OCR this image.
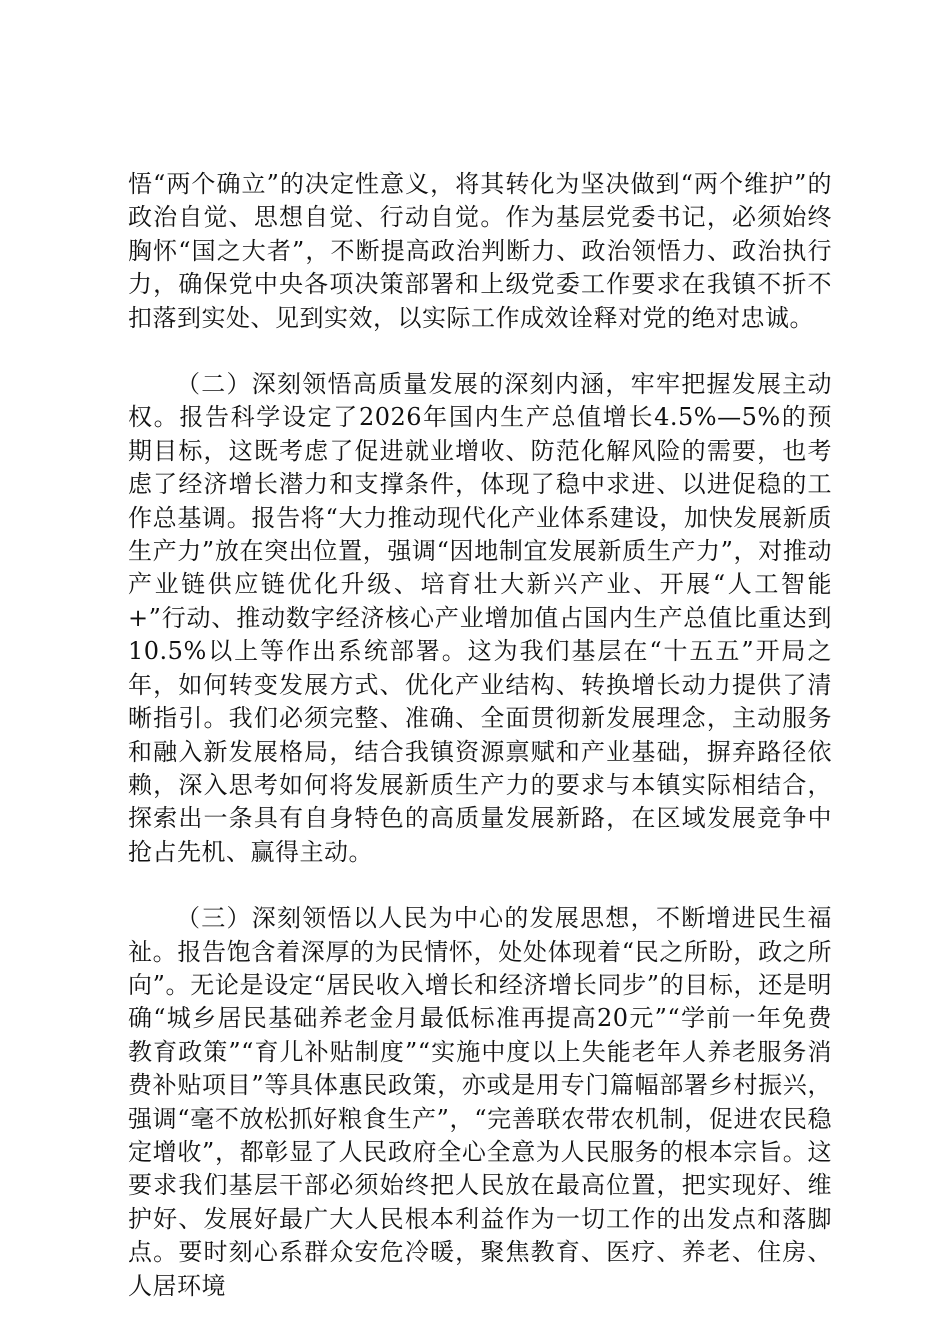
悟“两个确立”的决定性意义，将其转化为坚决做到“两个维护”的政治自觉、思想自觉、行动自觉。作为基层党委书记，必须始终胸怀“国之大者”，不断提高政治判断力、政治领悟力、政治执行力，确保党中央各项决策部署和上级党委工作要求在我镇不折不扣落到实处、见到实效，以实际工作成效诠释对党的绝对忠诚。

（二）深刻领悟高质量发展的深刻内涵，牢牢把握发展主动权。报告科学设定了2026年国内生产总值增长4.5%—5%的预期目标，这既考虑了促进就业增收、防范化解风险的需要，也考虑了经济增长潜力和支撑条件，体现了稳中求进、以进促稳的工作总基调。报告将“大力推动现代化产业体系建设，加快发展新质生产力”放在突出位置，强调“因地制宜发展新质生产力”，对推动产业链供应链优化升级、培育壮大新兴产业、开展“人工智能+”行动、推动数字经济核心产业增加值占国内生产总值比重达到10.5%以上等作出系统部署。这为我们基层在“十五五”开局之年，如何转变发展方式、优化产业结构、转换增长动力提供了清晰指引。我们必须完整、准确、全面贯彻新发展理念，主动服务和融入新发展格局，结合我镇资源禀赋和产业基础，摒弃路径依赖，深入思考如何将发展新质生产力的要求与本镇实际相结合，探索出一条具有自身特色的高质量发展新路，在区域发展竞争中抢占先机、赢得主动。

（三）深刻领悟以人民为中心的发展思想，不断增进民生福祉。报告饱含着深厚的为民情怀，处处体现着“民之所盼，政之所向”。无论是设定“居民收入增长和经济增长同步”的目标，还是明确“城乡居民基础养老金月最低标准再提高20元”“学前一年免费教育政策”“育儿补贴制度”“实施中度以上失能老年人养老服务消费补贴项目”等具体惠民政策，亦或是用专门篇幅部署乡村振兴，强调“毫不放松抓好粮食生产”，“完善联农带农机制，促进农民稳定增收”，都彰显了人民政府全心全意为人民服务的根本宗旨。这要求我们基层干部必须始终把人民放在最高位置，把实现好、维护好、发展好最广大人民根本利益作为一切工作的出发点和落脚点。要时刻心系群众安危冷暖，聚焦教育、医疗、养老、住房、人居环境
